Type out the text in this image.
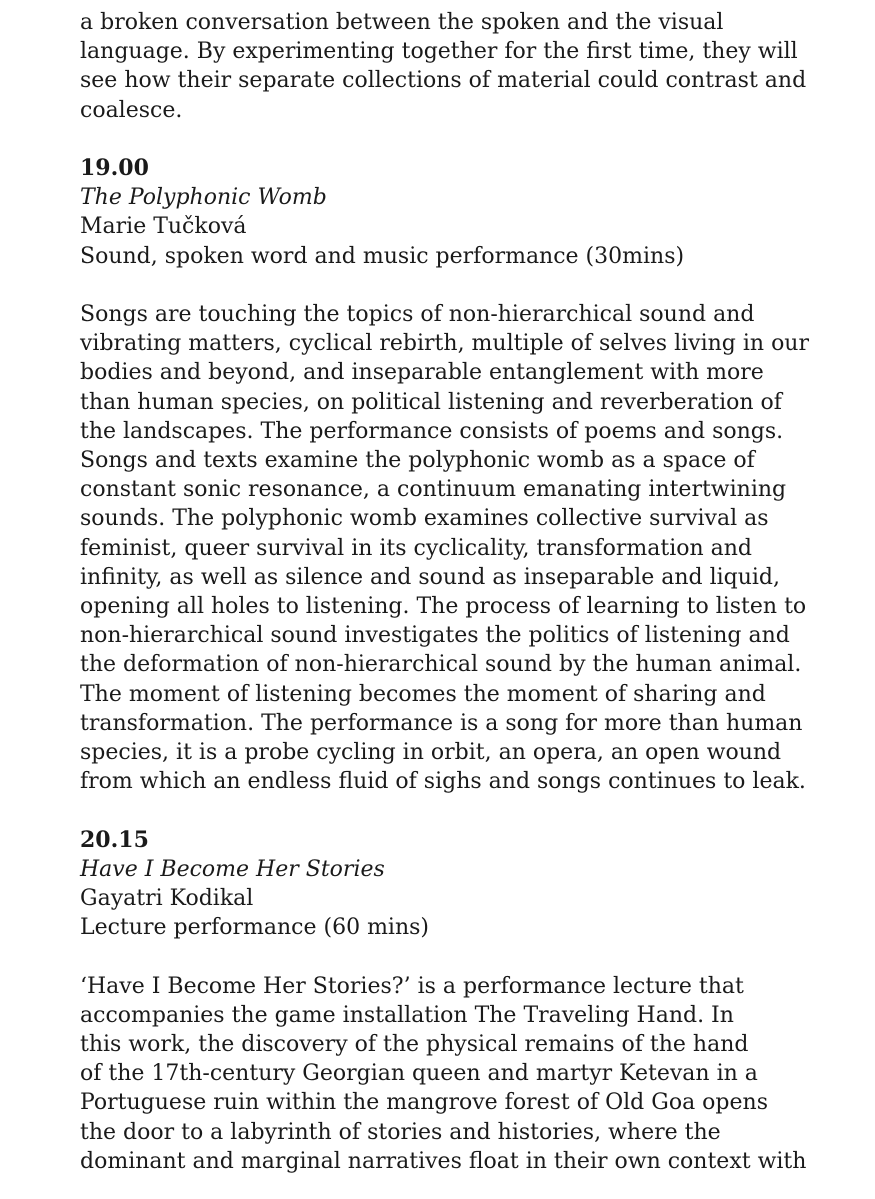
a broken conversation between the spoken and the visual
language. By experimenting together for the first time, they will
see how their separate collections of material could contrast and
coalesce.
19.00
The Polyphonic Womb
Marie Tučková
Sound, spoken word and music performance (30mins)
Songs are touching the topics of non-hierarchical sound and
vibrating matters, cyclical rebirth, multiple of selves living in our
bodies and beyond, and inseparable entanglement with more
than human species, on political listening and reverberation of
the landscapes. The performance consists of poems and songs.
Songs and texts examine the polyphonic womb as a space of
constant sonic resonance, a continuum emanating intertwining
sounds. The polyphonic womb examines collective survival as
feminist, queer survival in its cyclicality, transformation and
infinity, as well as silence and sound as inseparable and liquid,
opening all holes to listening. The process of learning to listen to
non-hierarchical sound investigates the politics of listening and
the deformation of non-hierarchical sound by the human animal.
The moment of listening becomes the moment of sharing and
transformation. The performance is a song for more than human
species, it is a probe cycling in orbit, an opera, an open wound
from which an endless fluid of sighs and songs continues to leak.
20.15
Have I Become Her Stories
Gayatri Kodikal
Lecture performance (60 mins)
‘Have I Become Her Stories?’ is a performance lecture that
accompanies the game installation The Traveling Hand. In
this work, the discovery of the physical remains of the hand
of the 17th-century Georgian queen and martyr Ketevan in a
Portuguese ruin within the mangrove forest of Old Goa opens
the door to a labyrinth of stories and histories, where the
dominant and marginal narratives float in their own context with
